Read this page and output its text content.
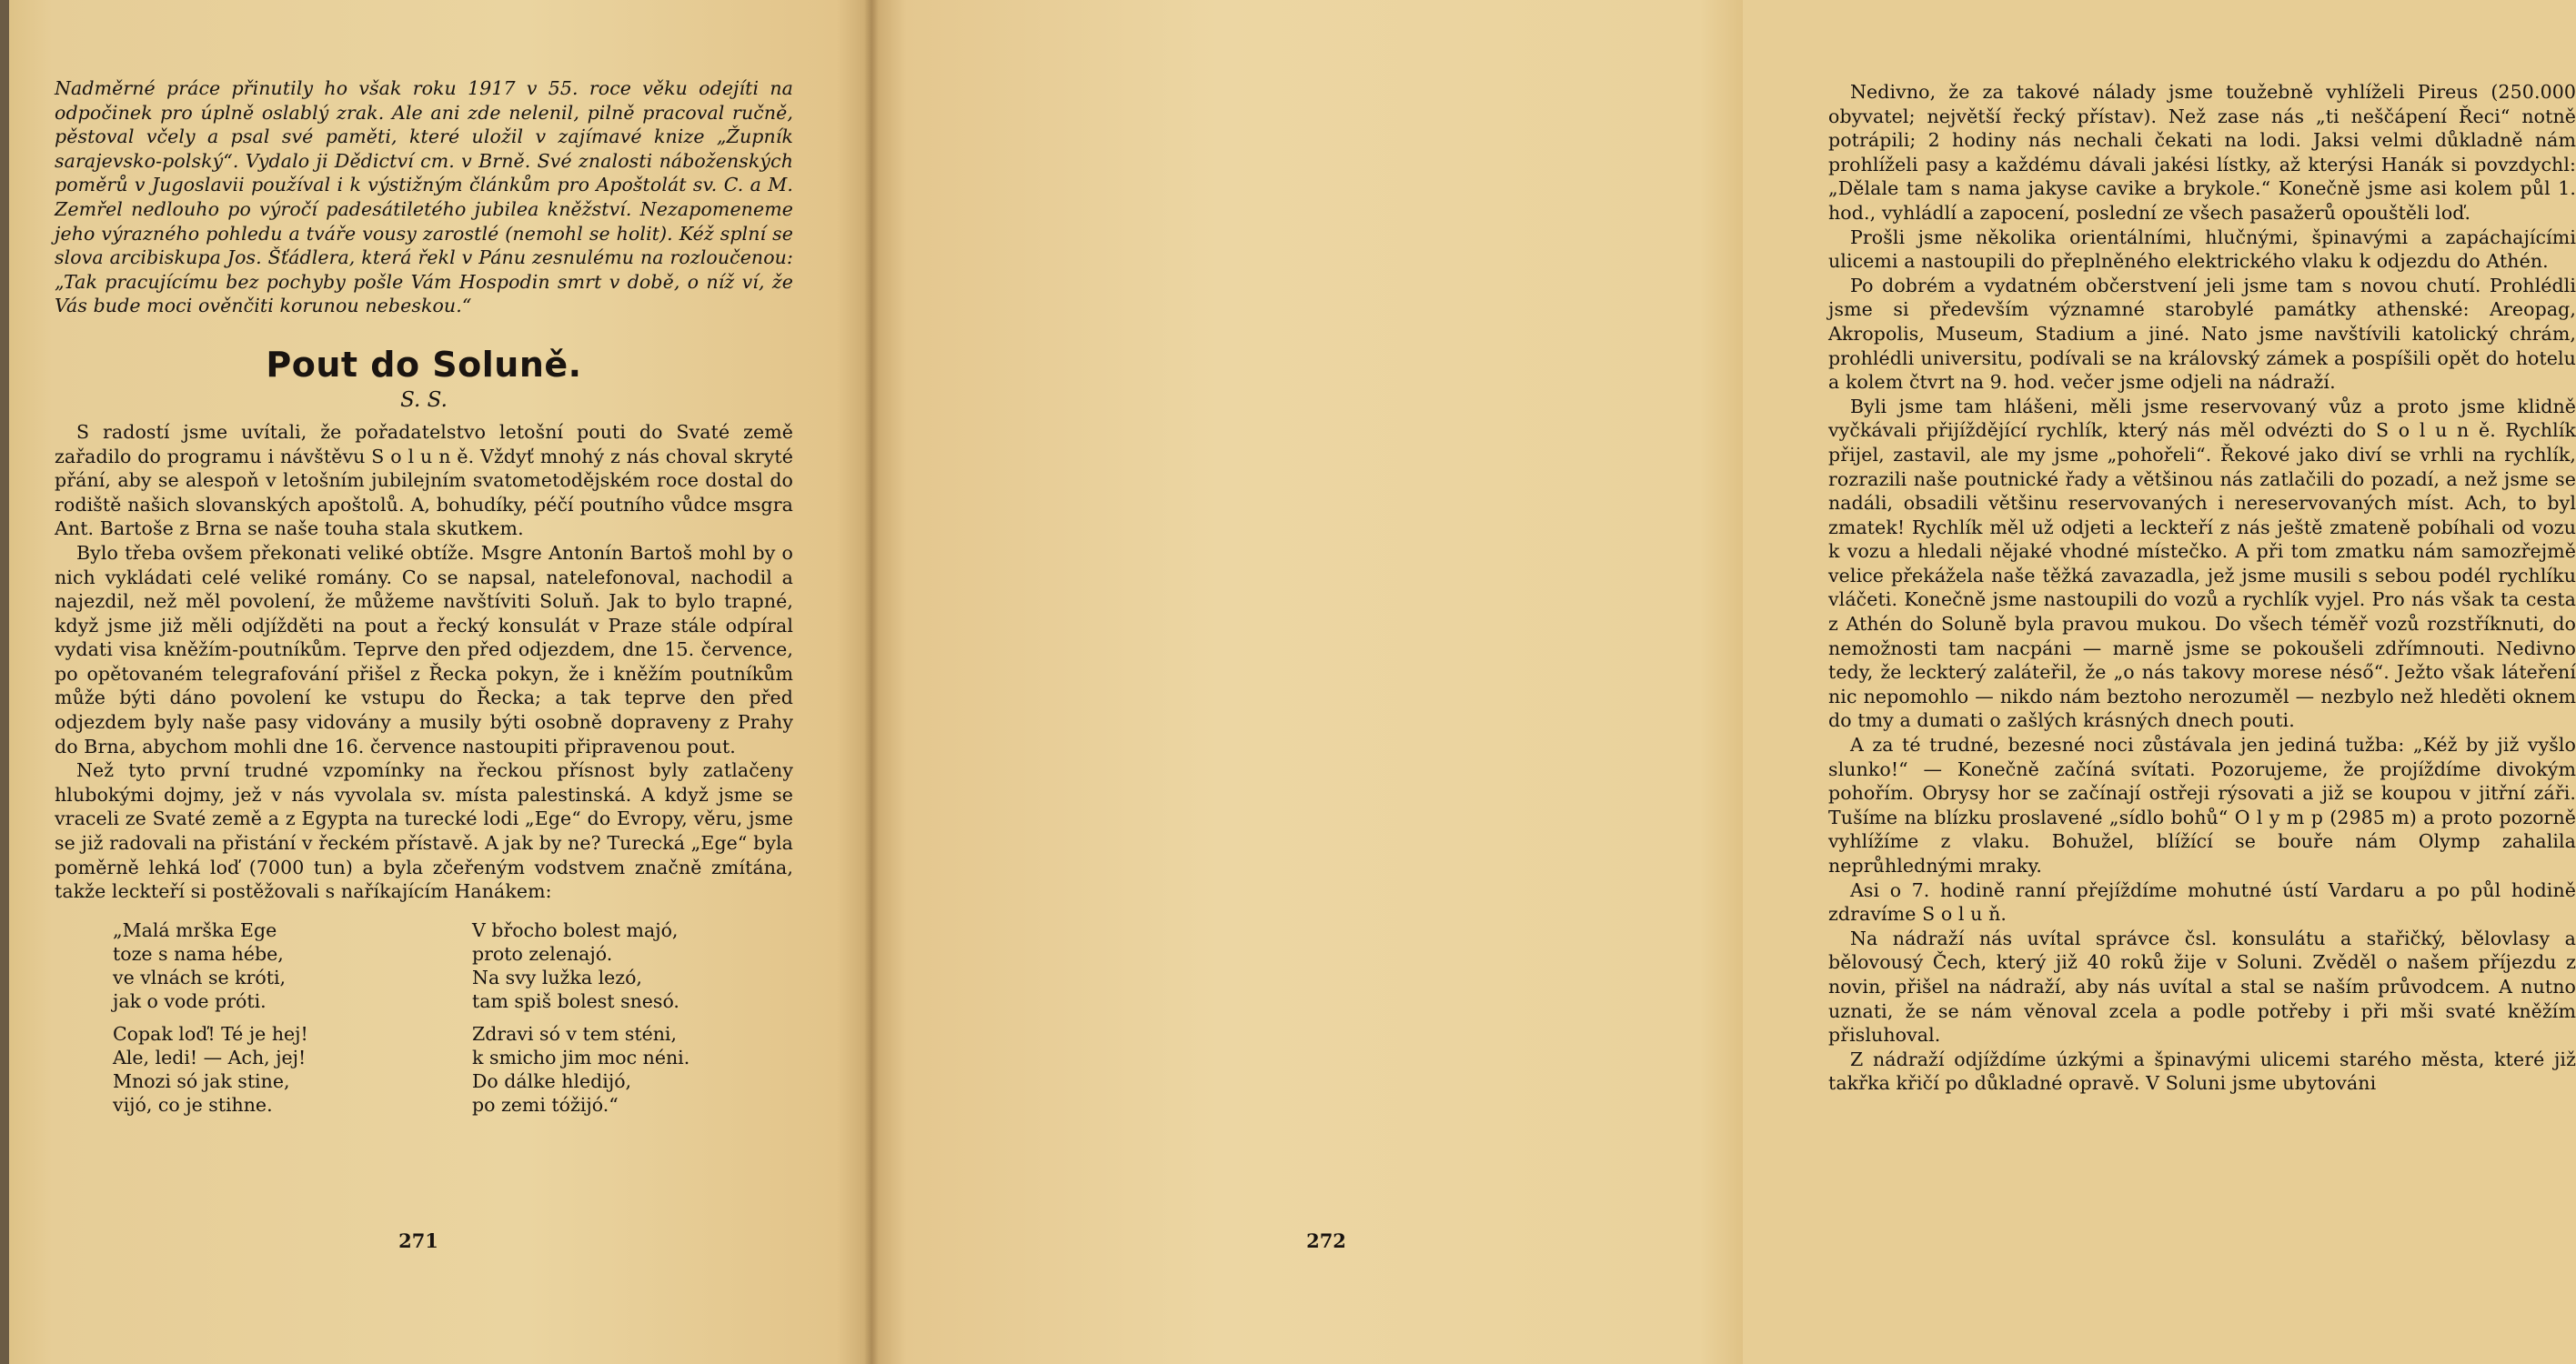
Nadměrné práce přinutily ho však roku 1917 v 55. roce věku odejíti na odpočinek pro úplně oslablý zrak. Ale ani zde nelenil, pilně pracoval ručně, pěstoval včely a psal své paměti, které uložil v zajímavé knize „Župník sarajevsko-polský“. Vydalo ji Dědictví cm. v Brně. Své znalosti náboženských poměrů v Jugoslavii používal i k výstižným článkům pro Apoštolát sv. C. a M. Zemřel nedlouho po výročí padesátiletého jubilea kněžství. Nezapomeneme jeho výrazného pohledu a tváře vousy zarostlé (nemohl se holit). Kéž splní se slova arcibiskupa Jos. Šťádlera, která řekl v Pánu zesnulému na rozloučenou: „Tak pracujícímu bez pochyby pošle Vám Hospodin smrt v době, o níž ví, že Vás bude moci ověnčiti korunou nebeskou.“

Pout do Soluně.
S. S.

S radostí jsme uvítali, že pořadatelstvo letošní pouti do Svaté země zařadilo do programu i návštěvu S o l u n ě. Vždyť mnohý z nás choval skryté přání, aby se alespoň v letošním jubilejním svatometodějském roce dostal do rodiště našich slovanských apoštolů. A, bohudíky, péčí poutního vůdce msgra Ant. Bartoše z Brna se naše touha stala skutkem.

Bylo třeba ovšem překonati veliké obtíže. Msgre Antonín Bartoš mohl by o nich vykládati celé veliké romány. Co se napsal, natelefonoval, nachodil a najezdil, než měl povolení, že můžeme navštíviti Soluň. Jak to bylo trapné, když jsme již měli odjížděti na pout a řecký konsulát v Praze stále odpíral vydati visa kněžím-poutníkům. Teprve den před odjezdem, dne 15. července, po opětovaném telegrafování přišel z Řecka pokyn, že i kněžím poutníkům může býti dáno povolení ke vstupu do Řecka; a tak teprve den před odjezdem byly naše pasy vidovány a musily býti osobně dopraveny z Prahy do Brna, abychom mohli dne 16. července nastoupiti připravenou pout.

Než tyto první trudné vzpomínky na řeckou přísnost byly zatlačeny hlubokými dojmy, jež v nás vyvolala sv. místa palestinská. A když jsme se vraceli ze Svaté země a z Egypta na turecké lodi „Ege“ do Evropy, věru, jsme se již radovali na přistání v řeckém přístavě. A jak by ne? Turecká „Ege“ byla poměrně lehká loď (7000 tun) a byla zčeřeným vodstvem značně zmítána, takže leckteří si postěžovali s naříkajícím Hanákem:

„Malá mrška Ege
toze s nama hébe,
ve vlnách se króti,
jak o vode próti.
Copak loď! Té je hej!
Ale, ledi! — Ach, jej!
Mnozi só jak stine,
vijó, co je stihne.
V břocho bolest majó,
proto zelenajó.
Na svy lužka lezó,
tam spiš bolest snesó.
Zdravi só v tem sténi,
k smicho jim moc néni.
Do dálke hledijó,
po zemi tóžijó.“
271

Nedivno, že za takové nálady jsme toužebně vyhlíželi Pireus (250.000 obyvatel; největší řecký přístav). Než zase nás „ti neščápení Řeci“ notně potrápili; 2 hodiny nás nechali čekati na lodi. Jaksi velmi důkladně nám prohlíželi pasy a každému dávali jakési lístky, až kterýsi Hanák si povzdychl: „Dělale tam s nama jakyse cavike a brykole.“ Konečně jsme asi kolem půl 1. hod., vyhládlí a zapocení, poslední ze všech pasažerů opouštěli loď.

Prošli jsme několika orientálními, hlučnými, špinavými a zapáchajícími ulicemi a nastoupili do přeplněného elektrického vlaku k odjezdu do Athén.

Po dobrém a vydatném občerstvení jeli jsme tam s novou chutí. Prohlédli jsme si především významné starobylé památky athenské: Areopag, Akropolis, Museum, Stadium a jiné. Nato jsme navštívili katolický chrám, prohlédli universitu, podívali se na královský zámek a pospíšili opět do hotelu a kolem čtvrt na 9. hod. večer jsme odjeli na nádraží.

Byli jsme tam hlášeni, měli jsme reservovaný vůz a proto jsme klidně vyčkávali přijíždějící rychlík, který nás měl odvézti do S o l u n ě. Rychlík přijel, zastavil, ale my jsme „pohořeli“. Řekové jako diví se vrhli na rychlík, rozrazili naše poutnické řady a většinou nás zatlačili do pozadí, a než jsme se nadáli, obsadili většinu reservovaných i nereservovaných míst. Ach, to byl zmatek! Rychlík měl už odjeti a leckteří z nás ještě zmateně pobíhali od vozu k vozu a hledali nějaké vhodné místečko. A při tom zmatku nám samozřejmě velice překážela naše těžká zavazadla, jež jsme musili s sebou podél rychlíku vláčeti. Konečně jsme nastoupili do vozů a rychlík vyjel. Pro nás však ta cesta z Athén do Soluně byla pravou mukou. Do všech téměř vozů rozstříknuti, do nemožnosti tam nacpáni — marně jsme se pokoušeli zdřímnouti. Nedivno tedy, že leckterý zaláteřil, že „o nás takovy morese néső“. Ježto však láteření nic nepomohlo — nikdo nám beztoho nerozuměl — nezbylo než hleděti oknem do tmy a dumati o zašlých krásných dnech pouti.

A za té trudné, bezesné noci zůstávala jen jediná tužba: „Kéž by již vyšlo slunko!“ — Konečně začíná svítati. Pozorujeme, že projíždíme divokým pohořím. Obrysy hor se začínají ostřeji rýsovati a již se koupou v jitřní záři. Tušíme na blízku proslavené „sídlo bohů“ O l y m p (2985 m) a proto pozorně vyhlížíme z vlaku. Bohužel, blížící se bouře nám Olymp zahalila neprůhlednými mraky.

Asi o 7. hodině ranní přejíždíme mohutné ústí Vardaru a po půl hodině zdravíme S o l u ň.

Na nádraží nás uvítal správce čsl. konsulátu a stařičký, bělovlasy a bělovousý Čech, který již 40 roků žije v Soluni. Zvěděl o našem příjezdu z novin, přišel na nádraží, aby nás uvítal a stal se naším průvodcem. A nutno uznati, že se nám věnoval zcela a podle potřeby i při mši svaté kněžím přisluhoval.

Z nádraží odjíždíme úzkými a špinavými ulicemi starého města, které již takřka křičí po důkladné opravě. V Soluni jsme ubytováni

272
